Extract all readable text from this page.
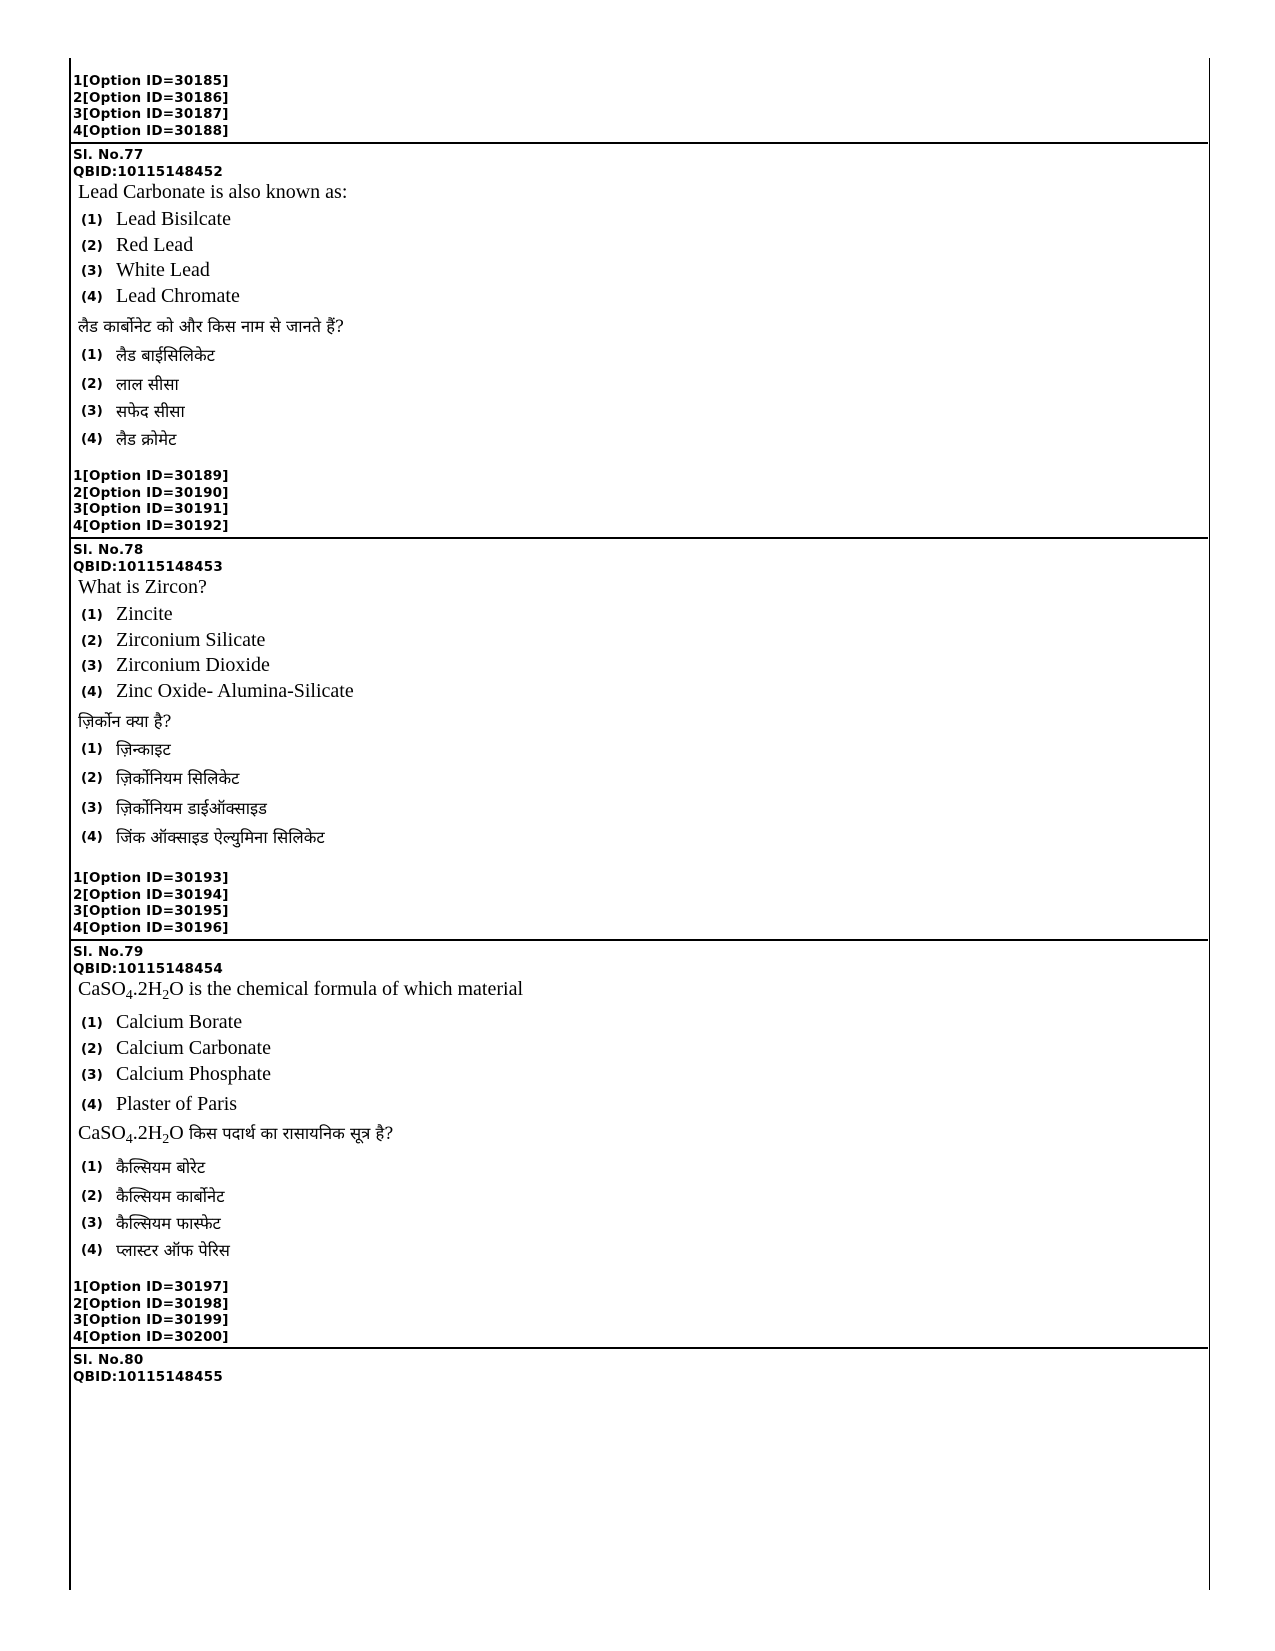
1[Option ID=30185]
2[Option ID=30186]
3[Option ID=30187]
4[Option ID=30188]
Sl. No.77
QBID:10115148452
Lead Carbonate is also known as:
(1) Lead Bisilcate
(2) Red Lead
(3) White Lead
(4) Lead Chromate
लैड कार्बोनेट को और किस नाम से जानते हैं?
(1) लैड बाईसिलिकेट
(2) लाल सीसा
(3) सफेद सीसा
(4) लैड क्रोमेट
1[Option ID=30189]
2[Option ID=30190]
3[Option ID=30191]
4[Option ID=30192]
Sl. No.78
QBID:10115148453
What is Zircon?
(1) Zincite
(2) Zirconium Silicate
(3) Zirconium Dioxide
(4) Zinc Oxide- Alumina-Silicate
ज़िर्कोन क्या है?
(1) ज़िन्काइट
(2) ज़िर्कोनियम सिलिकेट
(3) ज़िर्कोनियम डाईऑक्साइड
(4) जिंक ऑक्साइड ऐल्युमिना सिलिकेट
1[Option ID=30193]
2[Option ID=30194]
3[Option ID=30195]
4[Option ID=30196]
Sl. No.79
QBID:10115148454
$CaSO_4.2H_2O$ is the chemical formula of which material
(1) Calcium Borate
(2) Calcium Carbonate
(3) Calcium Phosphate
(4) Plaster of Paris
$CaSO_4.2H_2O$ किस पदार्थ का रासायनिक सूत्र है?
(1) कैल्सियम बोरेट
(2) कैल्सियम कार्बोनेट
(3) कैल्सियम फास्फेट
(4) प्लास्टर ऑफ पेरिस
1[Option ID=30197]
2[Option ID=30198]
3[Option ID=30199]
4[Option ID=30200]
Sl. No.80
QBID:10115148455
